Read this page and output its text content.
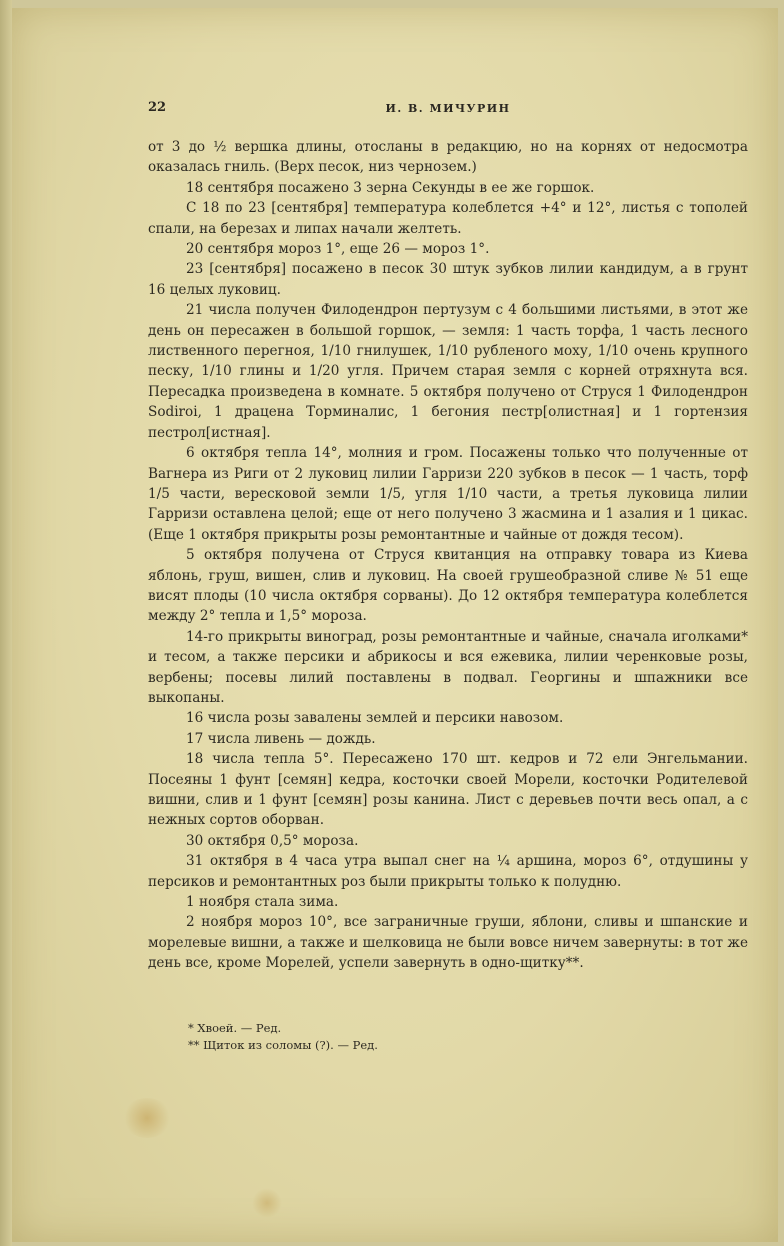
22	И. В. МИЧУРИН

от 3 до ½ вершка длины, отосланы в редакцию, но на корнях от недосмотра оказалась гниль. (Верх песок, низ чернозем.)

18 сентября посажено 3 зерна Секунды в ее же горшок.

С 18 по 23 [сентября] температура колеблется +4° и 12°, листья с тополей спали, на березах и липах начали желтеть.

20 сентября мороз 1°, еще 26 — мороз 1°.

23 [сентября] посажено в песок 30 штук зубков лилии кандидум, а в грунт 16 целых луковиц.

21 числа получен Филодендрон пертузум с 4 большими листьями, в этот же день он пересажен в большой горшок, — земля: 1 часть торфа, 1 часть лесного лиственного перегноя, 1/10 гнилушек, 1/10 рубленого моху, 1/10 очень крупного песку, 1/10 глины и 1/20 угля. Причем старая земля с корней отряхнута вся. Пересадка произведена в комнате. 5 октября получено от Струся 1 Филодендрон Sodiroi, 1 драцена Торминалис, 1 бегония пестр[олистная] и 1 гортензия пестрол[истная].

6 октября тепла 14°, молния и гром. Посажены только что полученные от Вагнера из Риги от 2 луковиц лилии Гарризи 220 зубков в песок — 1 часть, торф 1/5 части, вересковой земли 1/5, угля 1/10 части, а третья луковица лилии Гарризи оставлена целой; еще от него получено 3 жасмина и 1 азалия и 1 цикас. (Еще 1 октября прикрыты розы ремонтантные и чайные от дождя тесом).

5 октября получена от Струся квитанция на отправку товара из Киева яблонь, груш, вишен, слив и луковиц. На своей грушеобразной сливе № 51 еще висят плоды (10 числа октября сорваны). До 12 октября температура колеблется между 2° тепла и 1,5° мороза.

14-го прикрыты виноград, розы ремонтантные и чайные, сначала иголками* и тесом, а также персики и абрикосы и вся ежевика, лилии черенковые розы, вербены; посевы лилий поставлены в подвал. Георгины и шпажники все выкопаны.

16 числа розы завалены землей и персики навозом.

17 числа ливень — дождь.

18 числа тепла 5°. Пересажено 170 шт. кедров и 72 ели Энгельмании. Посеяны 1 фунт [семян] кедра, косточки своей Морели, косточки Родителевой вишни, слив и 1 фунт [семян] розы канина. Лист с деревьев почти весь опал, а с нежных сортов оборван.

30 октября 0,5° мороза.

31 октября в 4 часа утра выпал снег на ¼ аршина, мороз 6°, отдушины у персиков и ремонтантных роз были прикрыты только к полудню.

1 ноября стала зима.

2 ноября мороз 10°, все заграничные груши, яблони, сливы и шпанские и морелевые вишни, а также и шелковица не были вовсе ничем завернуты: в тот же день все, кроме Морелей, успели завернуть в одно-щитку**.

* Хвоей. — Ред.

** Щиток из соломы (?). — Ред.
